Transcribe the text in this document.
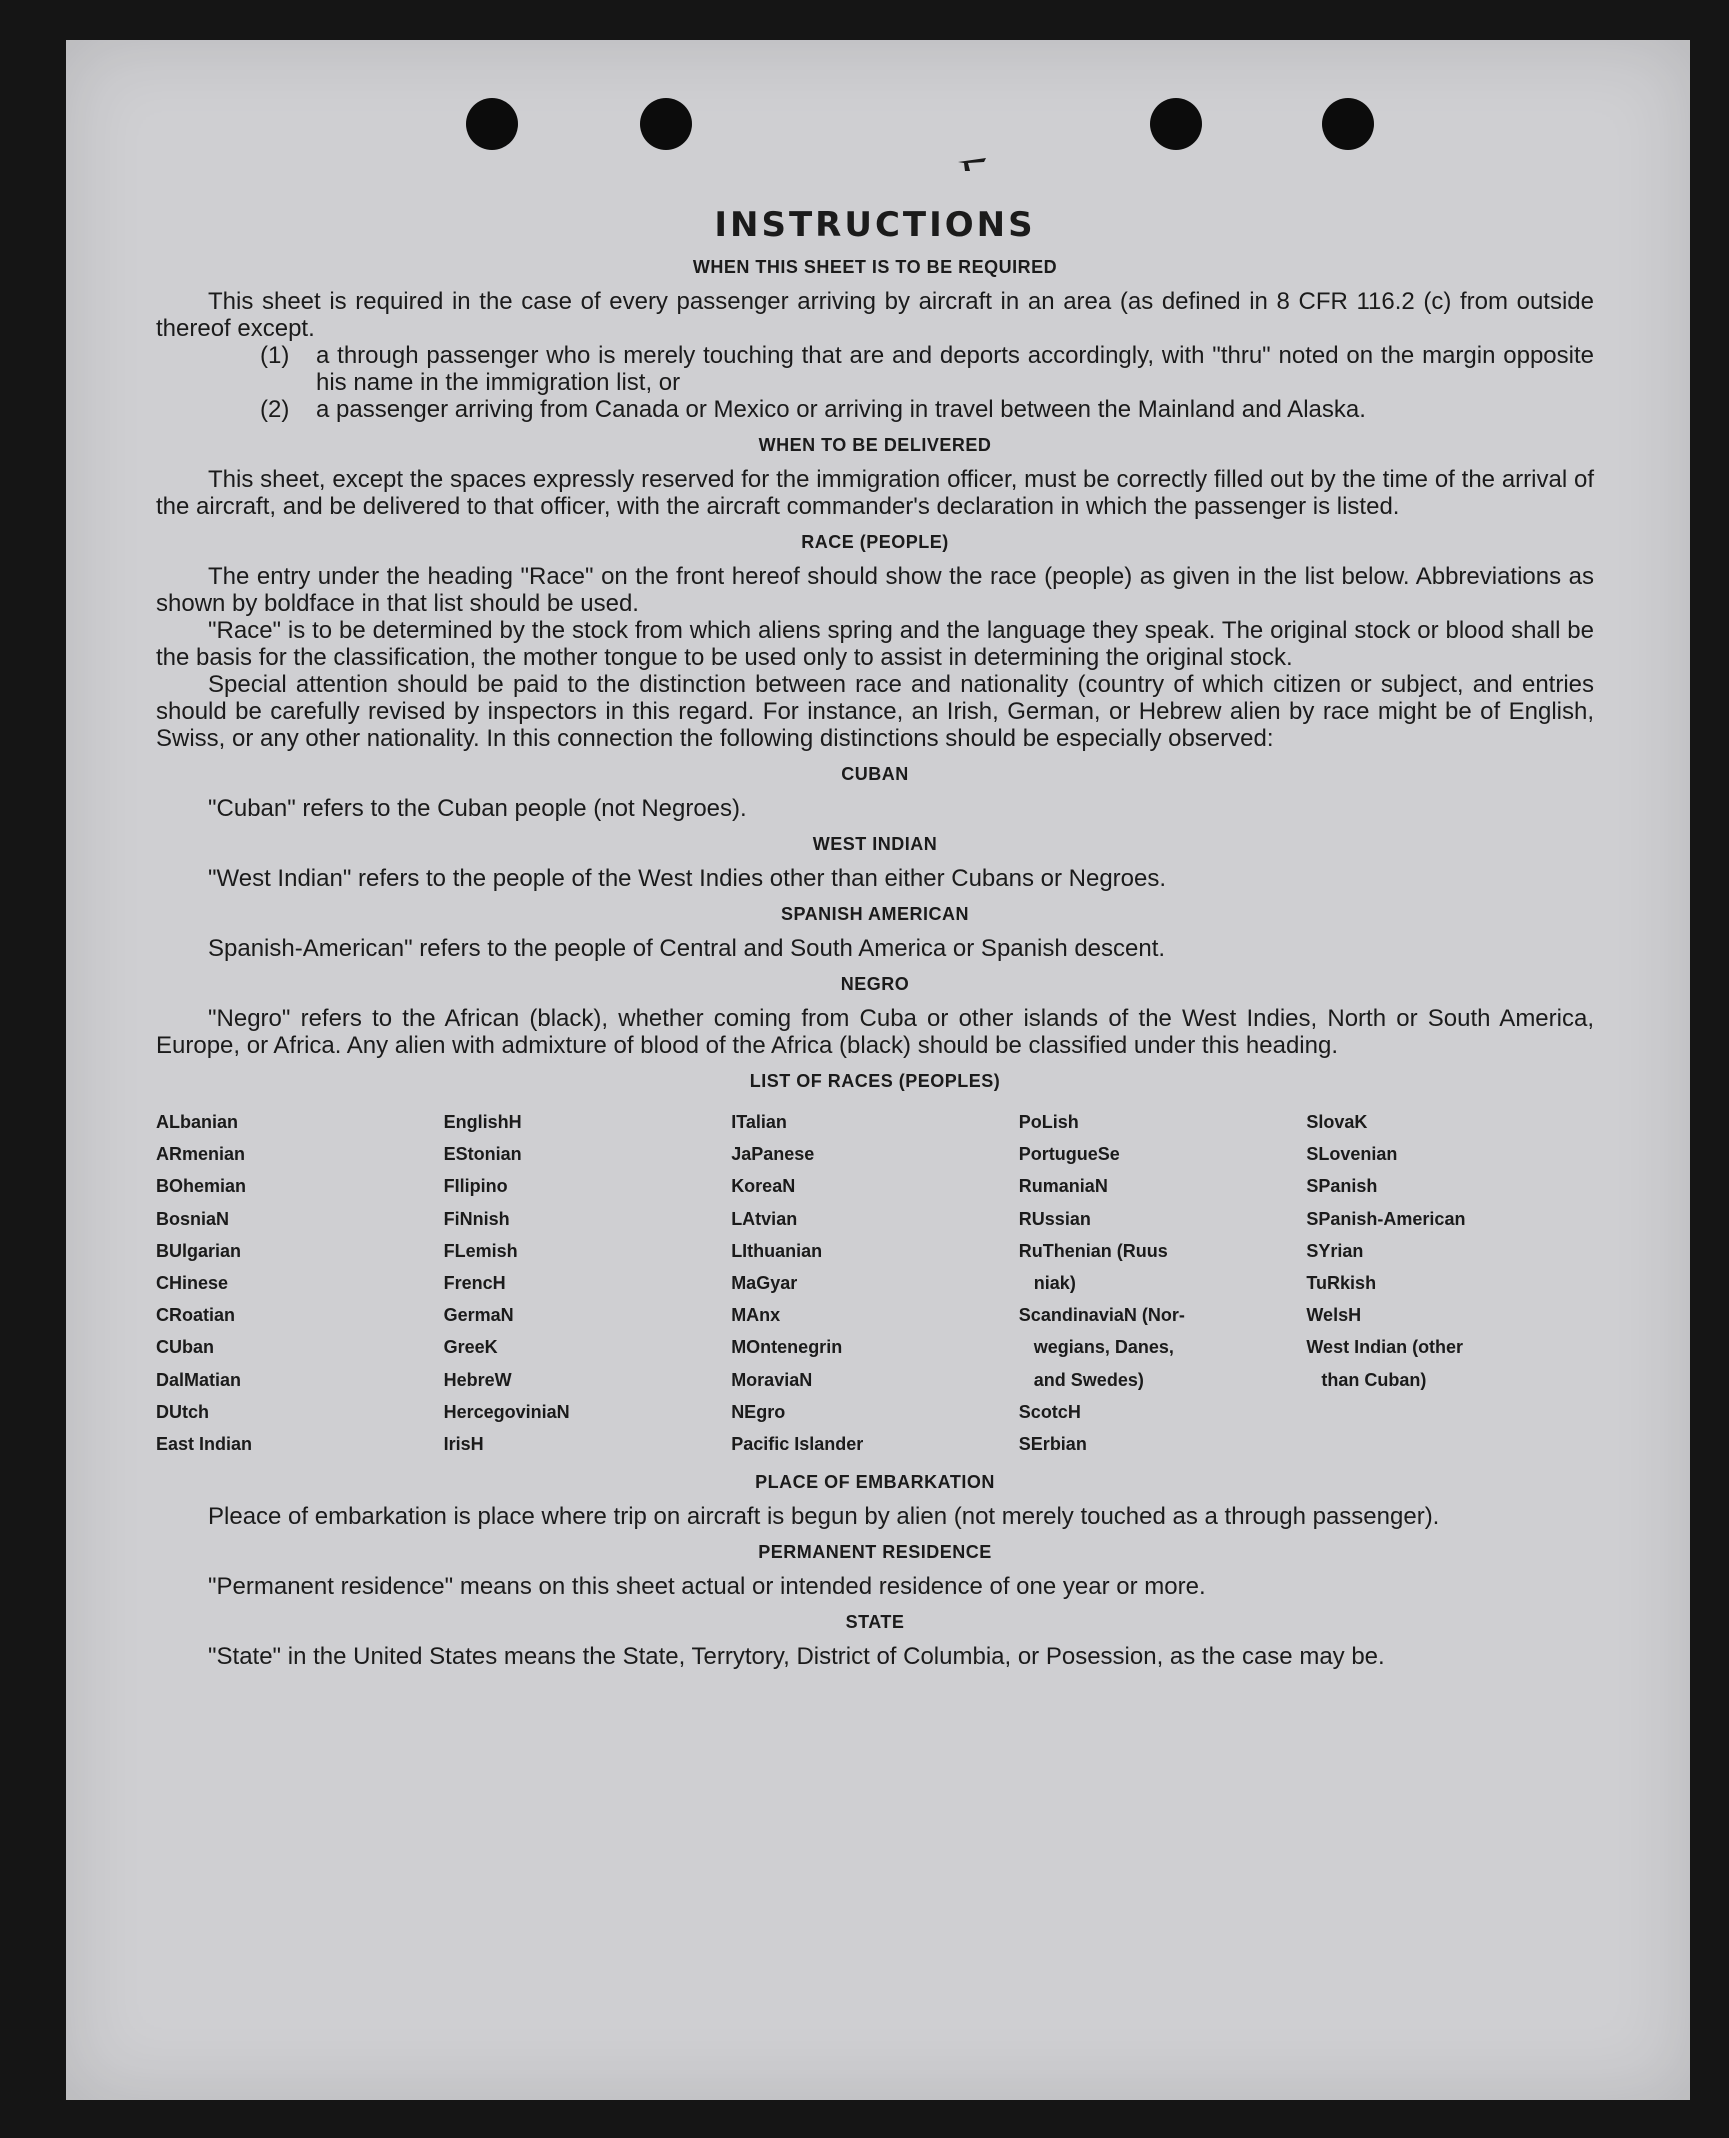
INSTRUCTIONS
WHEN THIS SHEET IS TO BE REQUIRED

This sheet is required in the case of every passenger arriving by aircraft in an area (as defined in 8 CFR 116.2 (c) from outside thereof except.

(1) a through passenger who is merely touching that are and deports accordingly, with "thru" noted on the margin opposite his name in the immigration list, or

(2) a passenger arriving from Canada or Mexico or arriving in travel between the Mainland and Alaska.

WHEN TO BE DELIVERED

This sheet, except the spaces expressly reserved for the immigration officer, must be correctly filled out by the time of the arrival of the aircraft, and be delivered to that officer, with the aircraft commander's declaration in which the passenger is listed.

RACE (PEOPLE)

The entry under the heading "Race" on the front hereof should show the race (people) as given in the list below. Abbreviations as shown by boldface in that list should be used.

"Race" is to be determined by the stock from which aliens spring and the language they speak. The original stock or blood shall be the basis for the classification, the mother tongue to be used only to assist in determining the original stock.

Special attention should be paid to the distinction between race and nationality (country of which citizen or subject, and entries should be carefully revised by inspectors in this regard. For instance, an Irish, German, or Hebrew alien by race might be of English, Swiss, or any other nationality. In this connection the following distinctions should be especially observed:

CUBAN

"Cuban" refers to the Cuban people (not Negroes).

WEST INDIAN

"West Indian" refers to the people of the West Indies other than either Cubans or Negroes.

SPANISH AMERICAN

Spanish-American" refers to the people of Central and South America or Spanish descent.

NEGRO

"Negro" refers to the African (black), whether coming from Cuba or other islands of the West Indies, North or South America, Europe, or Africa. Any alien with admixture of blood of the Africa (black) should be classified under this heading.

LIST OF RACES (PEOPLES)
ALbanian
ARmenian
BOhemian
BosniaN
BUlgarian
CHinese
CRoatian
CUban
DalMatian
DUtch
East Indian
EnglishH
EStonian
FIlipino
FiNnish
FLemish
FrencH
GermaN
GreeK
HebreW
HercegoviniaN
IrisH
ITalian
JaPanese
KoreaN
LAtvian
LIthuanian
MaGyar
MAnx
MOntenegrin
MoraviaN
NEgro
Pacific Islander
PoLish
PortugueSe
RumaniaN
RUssian
RuThenian (Ruus
niak)
ScandinaviaN (Nor-
wegians, Danes,
and Swedes)
ScotcH
SErbian
SlovaK
SLovenian
SPanish
SPanish-American
SYrian
TuRkish
WelsH
West Indian (other
than Cuban)
PLACE OF EMBARKATION

Pleace of embarkation is place where trip on aircraft is begun by alien (not merely touched as a through passenger).

PERMANENT RESIDENCE

"Permanent residence" means on this sheet actual or intended residence of one year or more.

STATE

"State" in the United States means the State, Terrytory, District of Columbia, or Posession, as the case may be.
